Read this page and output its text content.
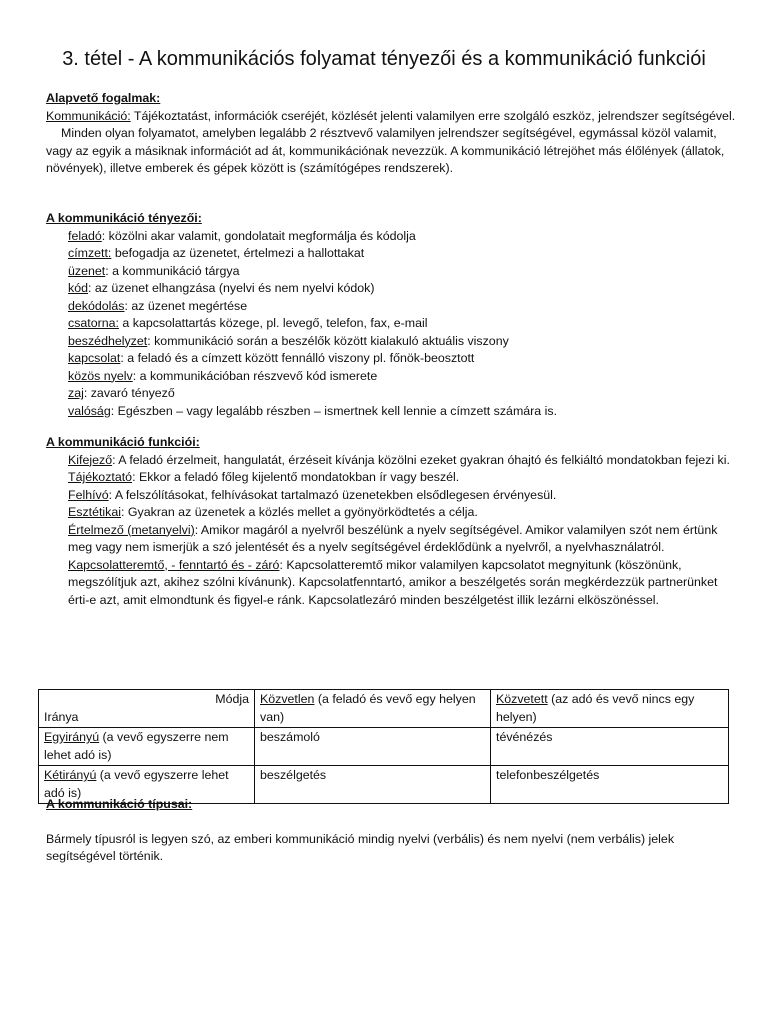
3. tétel - A kommunikációs folyamat tényezői és a kommunikáció funkciói

Alapvető fogalmak:

Kommunikáció: Tájékoztatást, információk cseréjét, közlését jelenti valamilyen erre szolgáló eszköz, jelrendszer segítségével.

Minden olyan folyamatot, amelyben legalább 2 résztvevő valamilyen jelrendszer segítségével, egymással közöl valamit, vagy az egyik a másiknak információt ad át, kommunikációnak nevezzük. A kommunikáció létrejöhet más élőlények (állatok, növények), illetve emberek és gépek között is (számítógépes rendszerek).

A kommunikáció tényezői:

feladó: közölni akar valamit, gondolatait megformálja és kódolja

címzett: befogadja az üzenetet, értelmezi a hallottakat

üzenet: a kommunikáció tárgya

kód: az üzenet elhangzása (nyelvi és nem nyelvi kódok)

dekódolás: az üzenet megértése

csatorna: a kapcsolattartás közege, pl. levegő, telefon, fax, e-mail

beszédhelyzet: kommunikáció során a beszélők között kialakuló aktuális viszony

kapcsolat: a feladó és a címzett között fennálló viszony pl. főnök-beosztott

közös nyelv: a kommunikációban részvevő kód ismerete

zaj: zavaró tényező

valóság: Egészben – vagy legalább részben – ismertnek kell lennie a címzett számára is.

A kommunikáció funkciói:

Kifejező: A feladó érzelmeit, hangulatát, érzéseit kívánja közölni ezeket gyakran óhajtó és felkiáltó mondatokban fejezi ki.

Tájékoztató: Ekkor a feladó főleg kijelentő mondatokban ír vagy beszél.

Felhívó: A felszólításokat, felhívásokat tartalmazó üzenetekben elsődlegesen érvényesül.

Esztétikai: Gyakran az üzenetek a közlés mellet a gyönyörködtetés a célja.

Értelmező (metanyelvi): Amikor magáról a nyelvről beszélünk a nyelv segítségével. Amikor valamilyen szót nem értünk meg vagy nem ismerjük a szó jelentését és a nyelv segítségével érdeklődünk a nyelvről, a nyelvhasználatról.

Kapcsolatteremtő, - fenntartó és - záró: Kapcsolatteremtő mikor valamilyen kapcsolatot megnyitunk (köszönünk, megszólítjuk azt, akihez szólni kívánunk). Kapcsolatfenntartó, amikor a beszélgetés során megkérdezzük partnerünket érti-e azt, amit elmondtunk és figyel-e ránk. Kapcsolatlezáró minden beszélgetést illik lezárni elköszönéssel.

Módja
Iránya	Közvetlen (a feladó és vevő egy helyen van)	Közvetett (az adó és vevő nincs egy helyen)
Egyirányú (a vevő egyszerre nem lehet adó is)	beszámoló	tévénézés
Kétirányú (a vevő egyszerre lehet adó is)	beszélgetés	telefonbeszélgetés

A kommunikáció típusai:

Bármely típusról is legyen szó, az emberi kommunikáció mindig nyelvi (verbális) és nem nyelvi (nem verbális) jelek segítségével történik.
